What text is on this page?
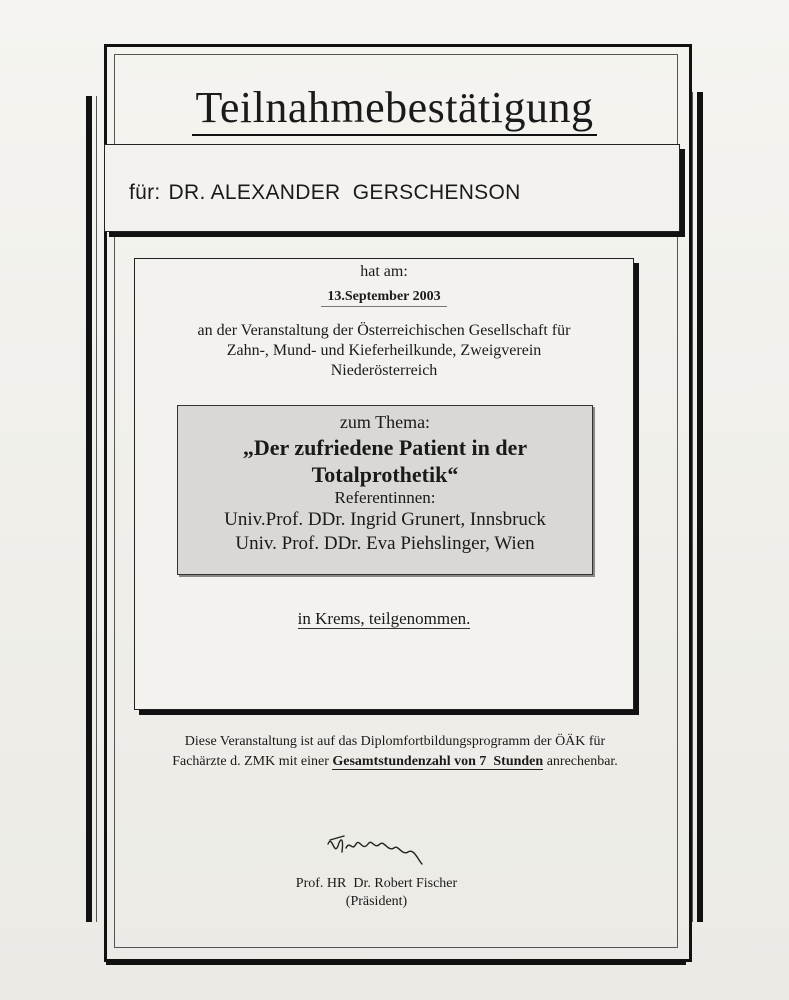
Teilnahmebestätigung
für: DR. ALEXANDER  GERSCHENSON
hat am:
13.September 2003
an der Veranstaltung der Österreichischen Gesellschaft für
Zahn-, Mund- und Kieferheilkunde, Zweigverein
Niederösterreich
zum Thema:
„Der zufriedene Patient in der
Totalprothetik“
Referentinnen:
Univ.Prof. DDr. Ingrid Grunert, Innsbruck
Univ. Prof. DDr. Eva Piehslinger, Wien
in Krems, teilgenommen.
Diese Veranstaltung ist auf das Diplomfortbildungsprogramm der ÖÄK für
Fachärzte d. ZMK mit einer Gesamtstundenzahl von 7  Stunden anrechenbar.
Prof. HR  Dr. Robert Fischer
(Präsident)
